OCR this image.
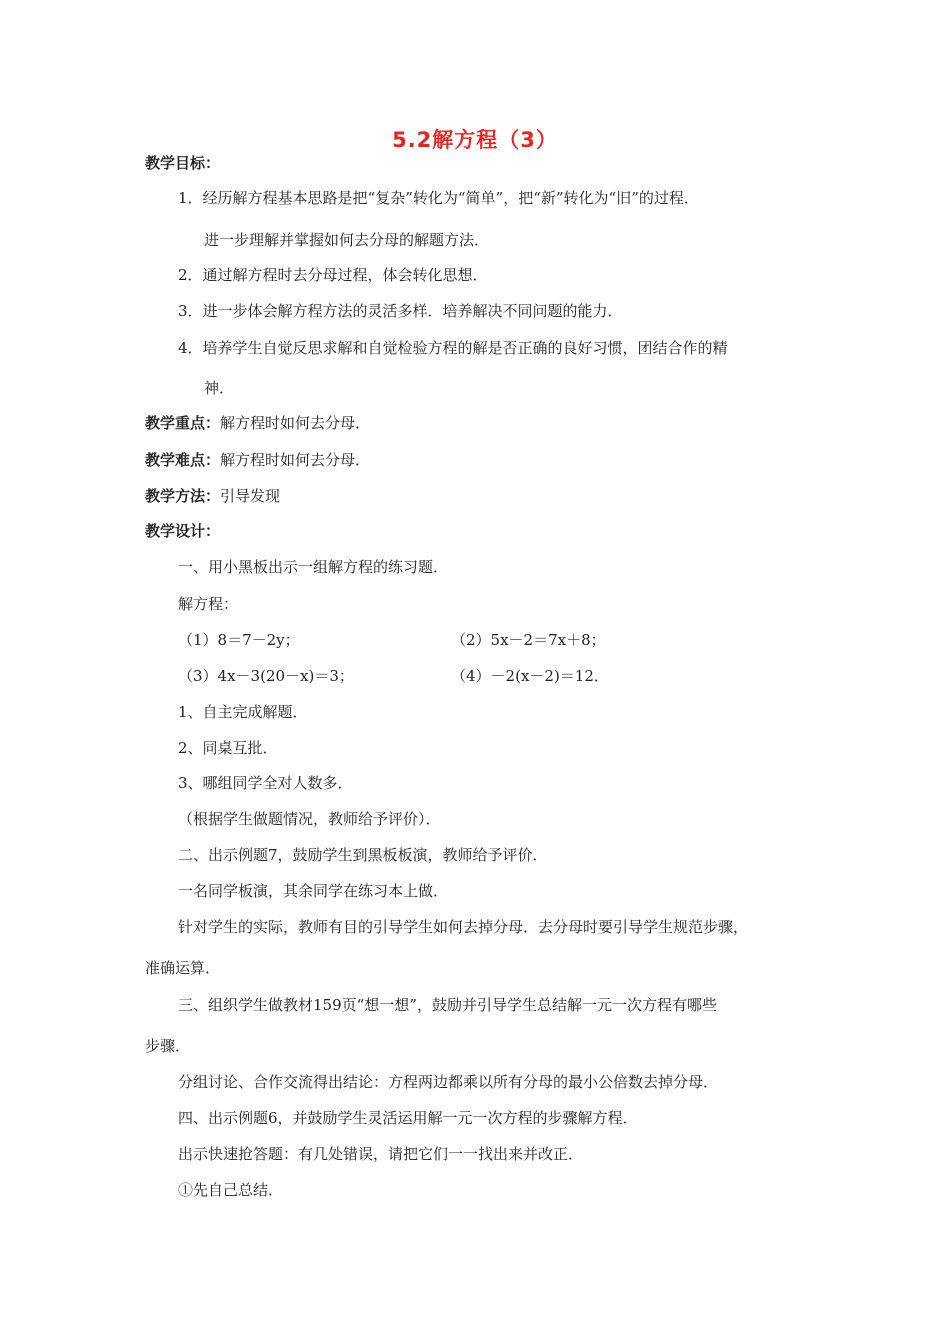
5.2解方程（3）
教学目标：
1．经历解方程基本思路是把“复杂”转化为“简单”，把“新”转化为“旧”的过程．
进一步理解并掌握如何去分母的解题方法．
2．通过解方程时去分母过程，体会转化思想．
3．进一步体会解方程方法的灵活多样．培养解决不同问题的能力．
4．培养学生自觉反思求解和自觉检验方程的解是否正确的良好习惯，团结合作的精
神．
教学重点：解方程时如何去分母．
教学难点：解方程时如何去分母．
教学方法：引导发现
教学设计：
一、用小黑板出示一组解方程的练习题．
解方程：
（1）8＝7－2y；	（2）5x－2＝7x＋8；
（3）4x－3(20－x)＝3；	（4）－2(x－2)＝12．
1、自主完成解题．
2、同桌互批．
3、哪组同学全对人数多．
（根据学生做题情况，教师给予评价）．
二、出示例题7，鼓励学生到黑板板演，教师给予评价．
一名同学板演，其余同学在练习本上做．
针对学生的实际，教师有目的引导学生如何去掉分母．去分母时要引导学生规范步骤，
准确运算．
三、组织学生做教材159页“想一想”，鼓励并引导学生总结解一元一次方程有哪些
步骤．
分组讨论、合作交流得出结论：方程两边都乘以所有分母的最小公倍数去掉分母．
四、出示例题6，并鼓励学生灵活运用解一元一次方程的步骤解方程．
出示快速抢答题：有几处错误，请把它们一一找出来并改正．
①先自己总结．
